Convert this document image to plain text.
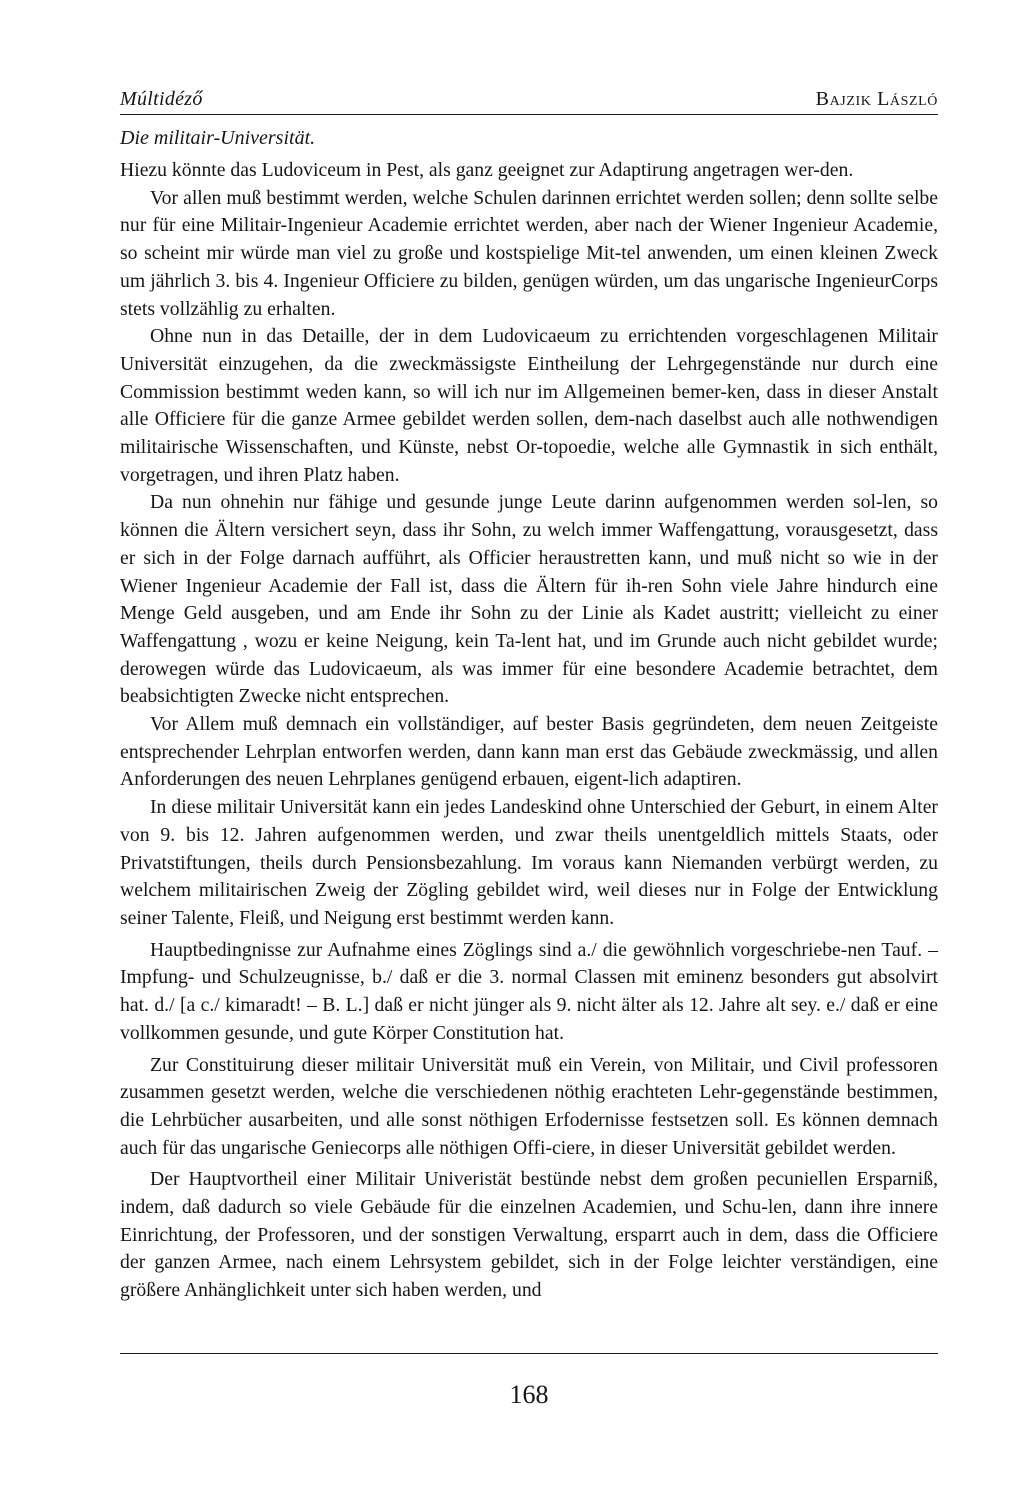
Múltidéző	Bajzik László
Die militair-Universität.

Hiezu könnte das Ludoviceum in Pest, als ganz geeignet zur Adaptirung angetragen wer-den.

Vor allen muß bestimmt werden, welche Schulen darinnen errichtet werden sollen; denn sollte selbe nur für eine Militair-Ingenieur Academie errichtet werden, aber nach der Wiener Ingenieur Academie, so scheint mir würde man viel zu große und kostspielige Mit-tel anwenden, um einen kleinen Zweck um jährlich 3. bis 4. Ingenieur Officiere zu bilden, genügen würden, um das ungarische IngenieurCorps stets vollzählig zu erhalten.

Ohne nun in das Detaille, der in dem Ludovicaeum zu errichtenden vorgeschlagenen Militair Universität einzugehen, da die zweckmässigste Eintheilung der Lehrgegenstände nur durch eine Commission bestimmt weden kann, so will ich nur im Allgemeinen bemer-ken, dass in dieser Anstalt alle Officiere für die ganze Armee gebildet werden sollen, dem-nach daselbst auch alle nothwendigen militairische Wissenschaften, und Künste, nebst Or-topoedie, welche alle Gymnastik in sich enthält, vorgetragen, und ihren Platz haben.

Da nun ohnehin nur fähige und gesunde junge Leute darinn aufgenommen werden sol-len, so können die Ältern versichert seyn, dass ihr Sohn, zu welch immer Waffengattung, vorausgesetzt, dass er sich in der Folge darnach aufführt, als Officier heraustretten kann, und muß nicht so wie in der Wiener Ingenieur Academie der Fall ist, dass die Ältern für ih-ren Sohn viele Jahre hindurch eine Menge Geld ausgeben, und am Ende ihr Sohn zu der Linie als Kadet austritt; vielleicht zu einer Waffengattung , wozu er keine Neigung, kein Ta-lent hat, und im Grunde auch nicht gebildet wurde; derowegen würde das Ludovicaeum, als was immer für eine besondere Academie betrachtet, dem beabsichtigten Zwecke nicht entsprechen.

Vor Allem muß demnach ein vollständiger, auf bester Basis gegründeten, dem neuen Zeitgeiste entsprechender Lehrplan entworfen werden, dann kann man erst das Gebäude zweckmässig, und allen Anforderungen des neuen Lehrplanes genügend erbauen, eigent-lich adaptiren.

In diese militair Universität kann ein jedes Landeskind ohne Unterschied der Geburt, in einem Alter von 9. bis 12. Jahren aufgenommen werden, und zwar theils unentgeldlich mittels Staats, oder Privatstiftungen, theils durch Pensionsbezahlung. Im voraus kann Niemanden verbürgt werden, zu welchem militairischen Zweig der Zögling gebildet wird, weil dieses nur in Folge der Entwicklung seiner Talente, Fleiß, und Neigung erst bestimmt werden kann.

Hauptbedingnisse zur Aufnahme eines Zöglings sind a./ die gewöhnlich vorgeschriebe-nen Tauf. – Impfung- und Schulzeugnisse, b./ daß er die 3. normal Classen mit eminenz besonders gut absolvirt hat. d./ [a c./ kimaradt! – B. L.] daß er nicht jünger als 9. nicht älter als 12. Jahre alt sey. e./ daß er eine vollkommen gesunde, und gute Körper Constitution hat.

Zur Constituirung dieser militair Universität muß ein Verein, von Militair, und Civil professoren zusammen gesetzt werden, welche die verschiedenen nöthig erachteten Lehr-gegenstände bestimmen, die Lehrbücher ausarbeiten, und alle sonst nöthigen Erfodernisse festsetzen soll. Es können demnach auch für das ungarische Geniecorps alle nöthigen Offi-ciere, in dieser Universität gebildet werden.

Der Hauptvortheil einer Militair Univeristät bestünde nebst dem großen pecuniellen Ersparniß, indem, daß dadurch so viele Gebäude für die einzelnen Academien, und Schu-len, dann ihre innere Einrichtung, der Professoren, und der sonstigen Verwaltung, ersparrt auch in dem, dass die Officiere der ganzen Armee, nach einem Lehrsystem gebildet, sich in der Folge leichter verständigen, eine größere Anhänglichkeit unter sich haben werden, und

168
